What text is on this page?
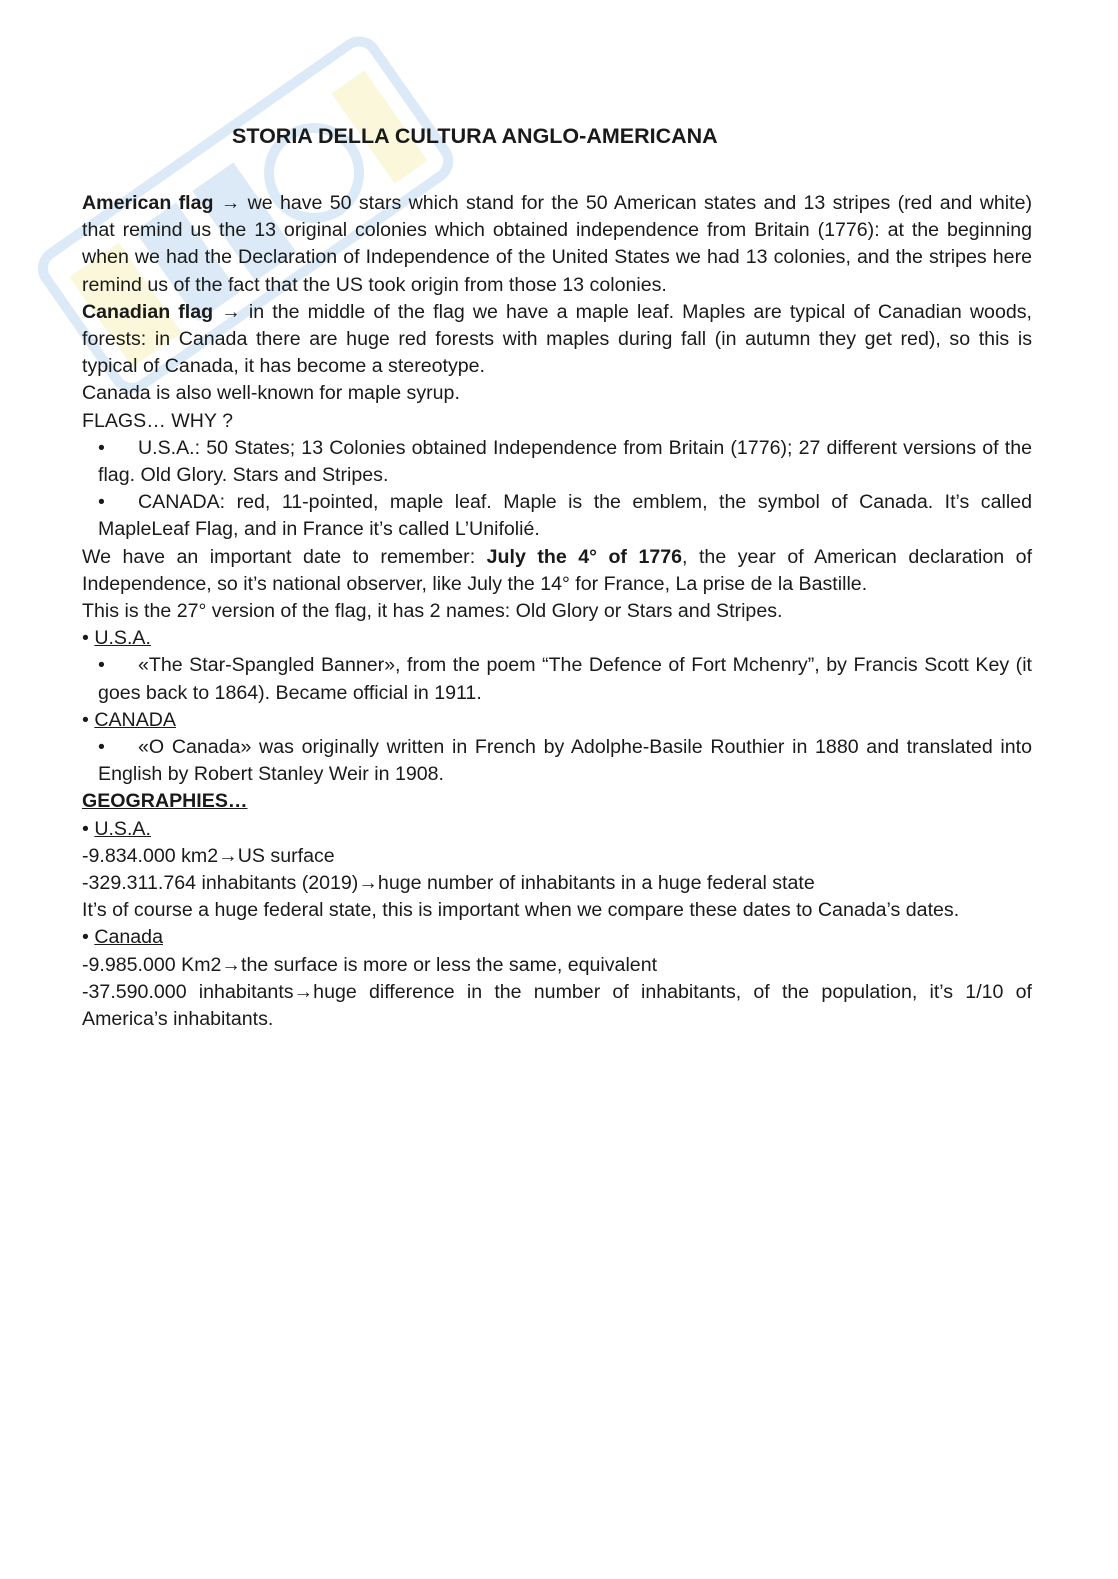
STORIA DELLA CULTURA ANGLO-AMERICANA

American flag → we have 50 stars which stand for the 50 American states and 13 stripes (red and white) that remind us the 13 original colonies which obtained independence from Britain (1776): at the beginning when we had the Declaration of Independence of the United States we had 13 colonies, and the stripes here remind us of the fact that the US took origin from those 13 colonies.

Canadian flag → in the middle of the flag we have a maple leaf. Maples are typical of Canadian woods, forests: in Canada there are huge red forests with maples during fall (in autumn they get red), so this is typical of Canada, it has become a stereotype.

Canada is also well-known for maple syrup.

FLAGS… WHY ?

• U.S.A.: 50 States; 13 Colonies obtained Independence from Britain (1776); 27 different versions of the flag. Old Glory. Stars and Stripes.

• CANADA: red, 11-pointed, maple leaf. Maple is the emblem, the symbol of Canada. It’s called MapleLeaf Flag, and in France it’s called L’Unifolié.

We have an important date to remember: July the 4° of 1776, the year of American declaration of Independence, so it’s national observer, like July the 14° for France, La prise de la Bastille.

This is the 27° version of the flag, it has 2 names: Old Glory or Stars and Stripes.

• U.S.A.

• «The Star-Spangled Banner», from the poem “The Defence of Fort Mchenry”, by Francis Scott Key (it goes back to 1864). Became official in 1911.

• CANADA

• «O Canada» was originally written in French by Adolphe-Basile Routhier in 1880 and translated into English by Robert Stanley Weir in 1908.

GEOGRAPHIES…

• U.S.A.

-9.834.000 km2→US surface

-329.311.764 inhabitants (2019)→huge number of inhabitants in a huge federal state

It’s of course a huge federal state, this is important when we compare these dates to Canada’s dates.

• Canada

-9.985.000 Km2→the surface is more or less the same, equivalent

-37.590.000 inhabitants→huge difference in the number of inhabitants, of the population, it’s 1/10 of America’s inhabitants.
